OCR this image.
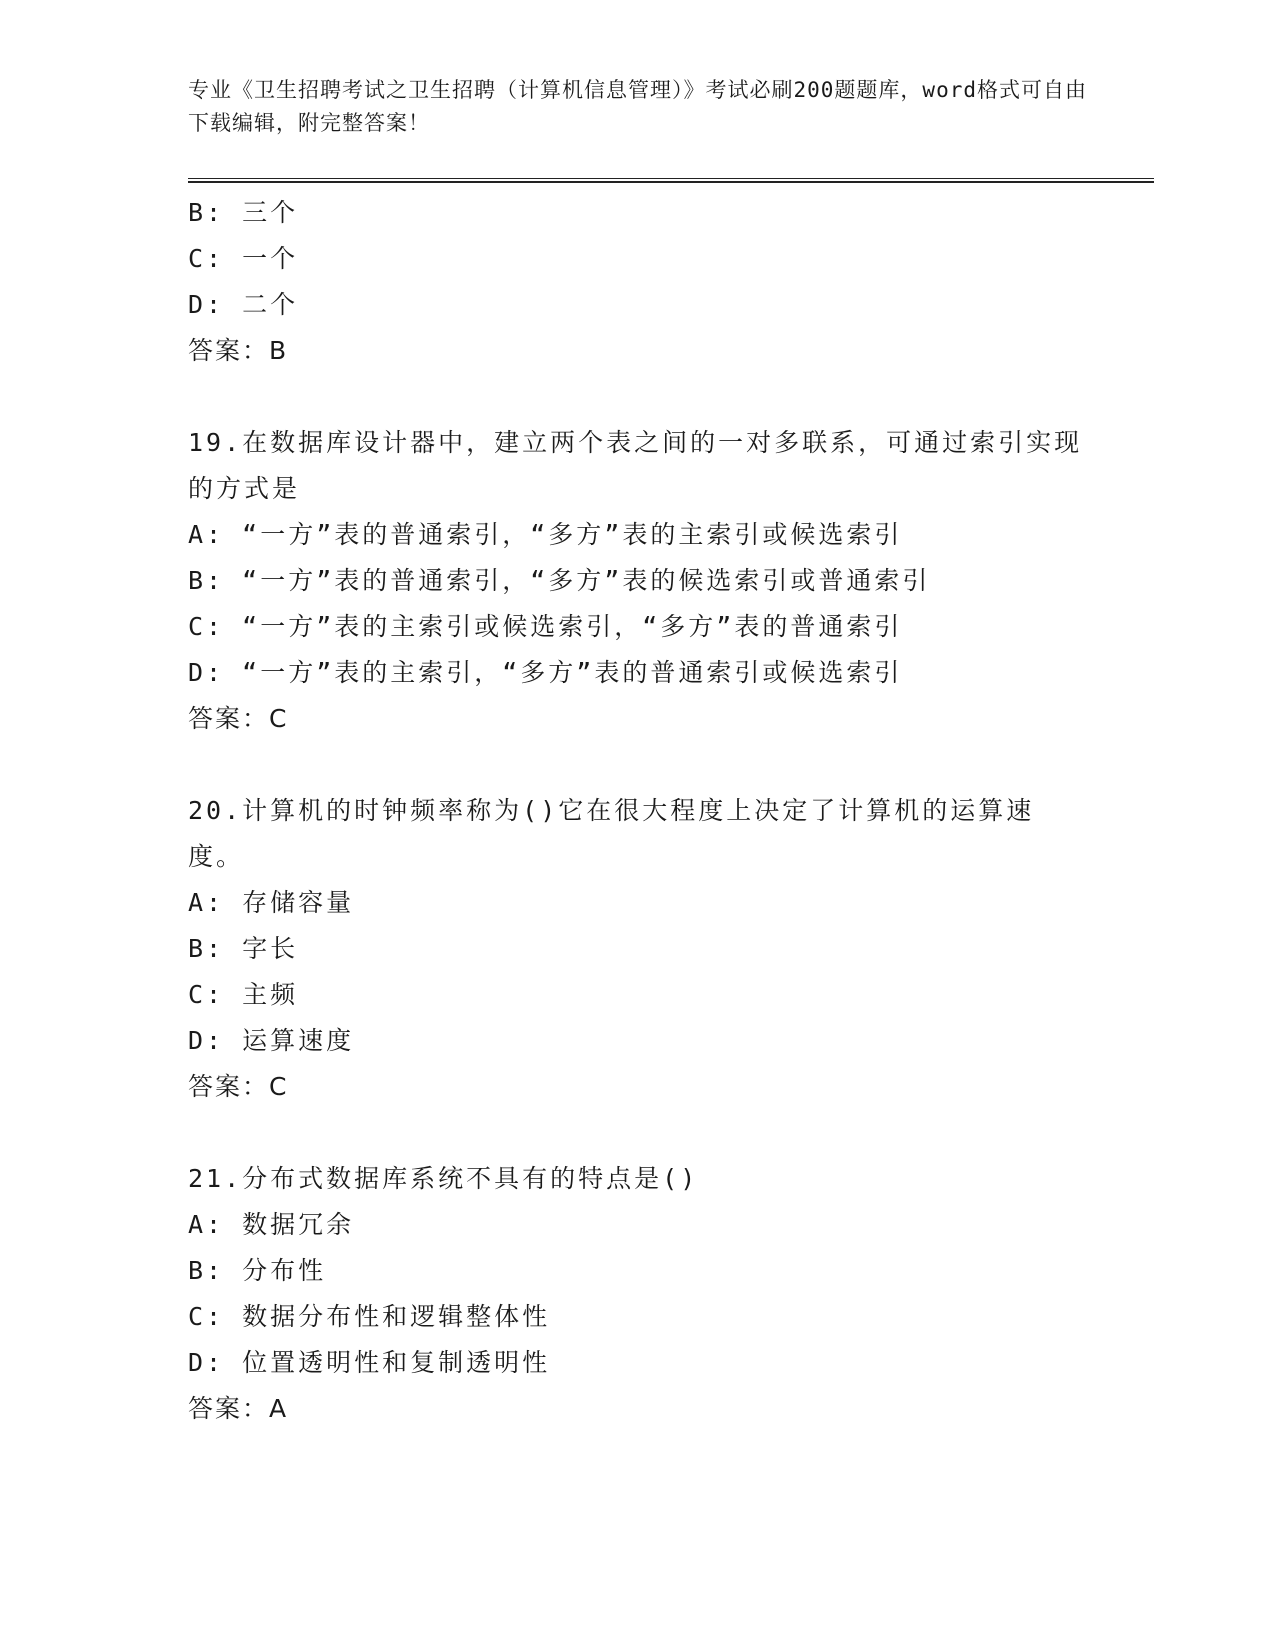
专业《卫生招聘考试之卫生招聘（计算机信息管理）》考试必刷200题题库，word格式可自由下载编辑，附完整答案！
B: 三个
C: 一个
D: 二个
答案：B
19.在数据库设计器中，建立两个表之间的一对多联系，可通过索引实现的方式是
A: “一方”表的普通索引，“多方”表的主索引或候选索引
B: “一方”表的普通索引，“多方”表的候选索引或普通索引
C: “一方”表的主索引或候选索引，“多方”表的普通索引
D: “一方”表的主索引，“多方”表的普通索引或候选索引
答案：C
20.计算机的时钟频率称为()它在很大程度上决定了计算机的运算速度。
A: 存储容量
B: 字长
C: 主频
D: 运算速度
答案：C
21.分布式数据库系统不具有的特点是()
A: 数据冗余
B: 分布性
C: 数据分布性和逻辑整体性
D: 位置透明性和复制透明性
答案：A
